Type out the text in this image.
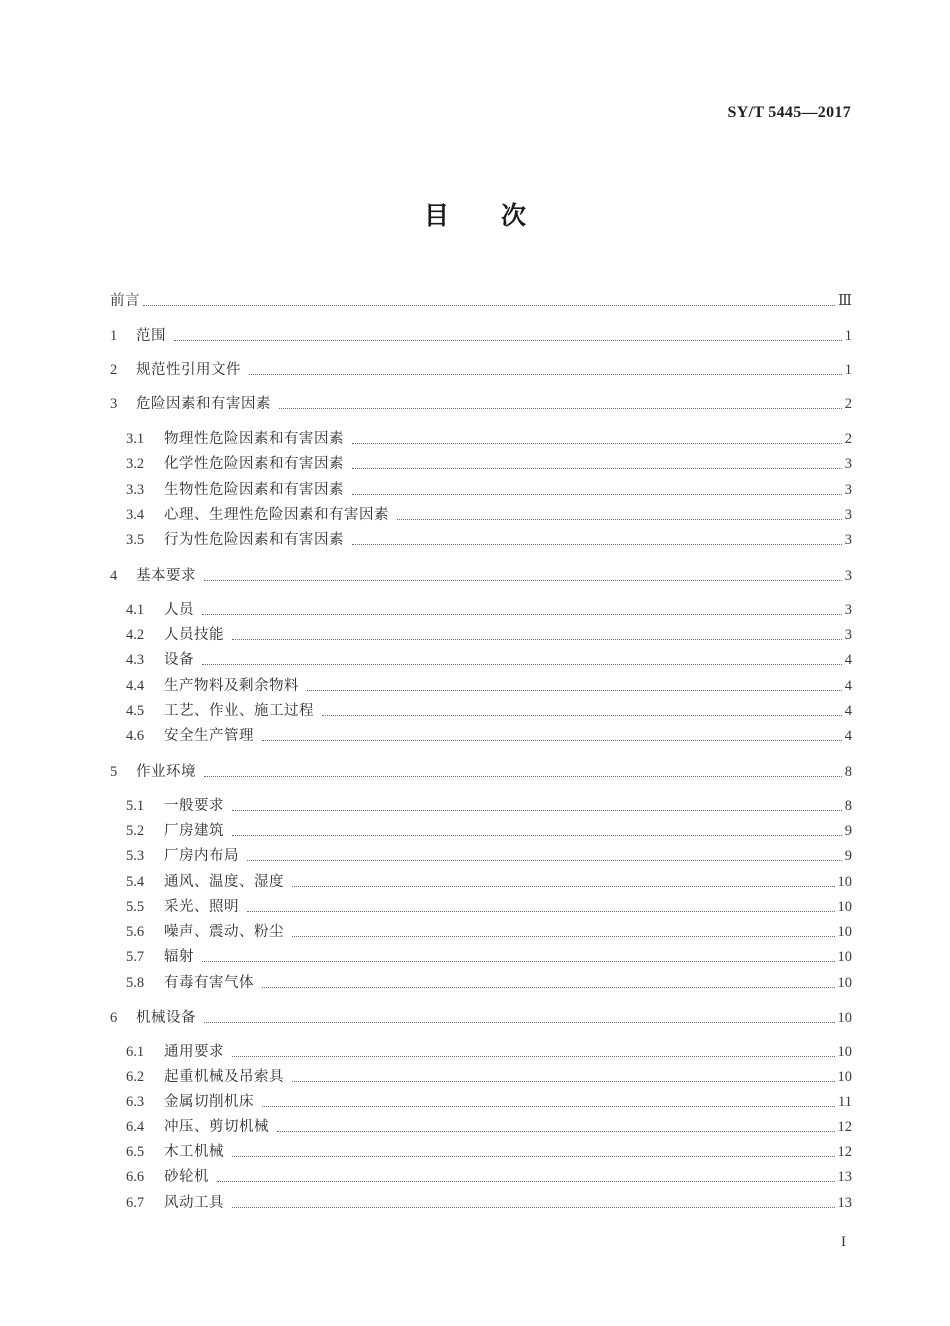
SY/T 5445—2017
目 次
前言	Ⅲ
1	范围	1
2	规范性引用文件	1
3	危险因素和有害因素	2
3.1	物理性危险因素和有害因素	2
3.2	化学性危险因素和有害因素	3
3.3	生物性危险因素和有害因素	3
3.4	心理、生理性危险因素和有害因素	3
3.5	行为性危险因素和有害因素	3
4	基本要求	3
4.1	人员	3
4.2	人员技能	3
4.3	设备	4
4.4	生产物料及剩余物料	4
4.5	工艺、作业、施工过程	4
4.6	安全生产管理	4
5	作业环境	8
5.1	一般要求	8
5.2	厂房建筑	9
5.3	厂房内布局	9
5.4	通风、温度、湿度	10
5.5	采光、照明	10
5.6	噪声、震动、粉尘	10
5.7	辐射	10
5.8	有毒有害气体	10
6	机械设备	10
6.1	通用要求	10
6.2	起重机械及吊索具	10
6.3	金属切削机床	11
6.4	冲压、剪切机械	12
6.5	木工机械	12
6.6	砂轮机	13
6.7	风动工具	13
I
